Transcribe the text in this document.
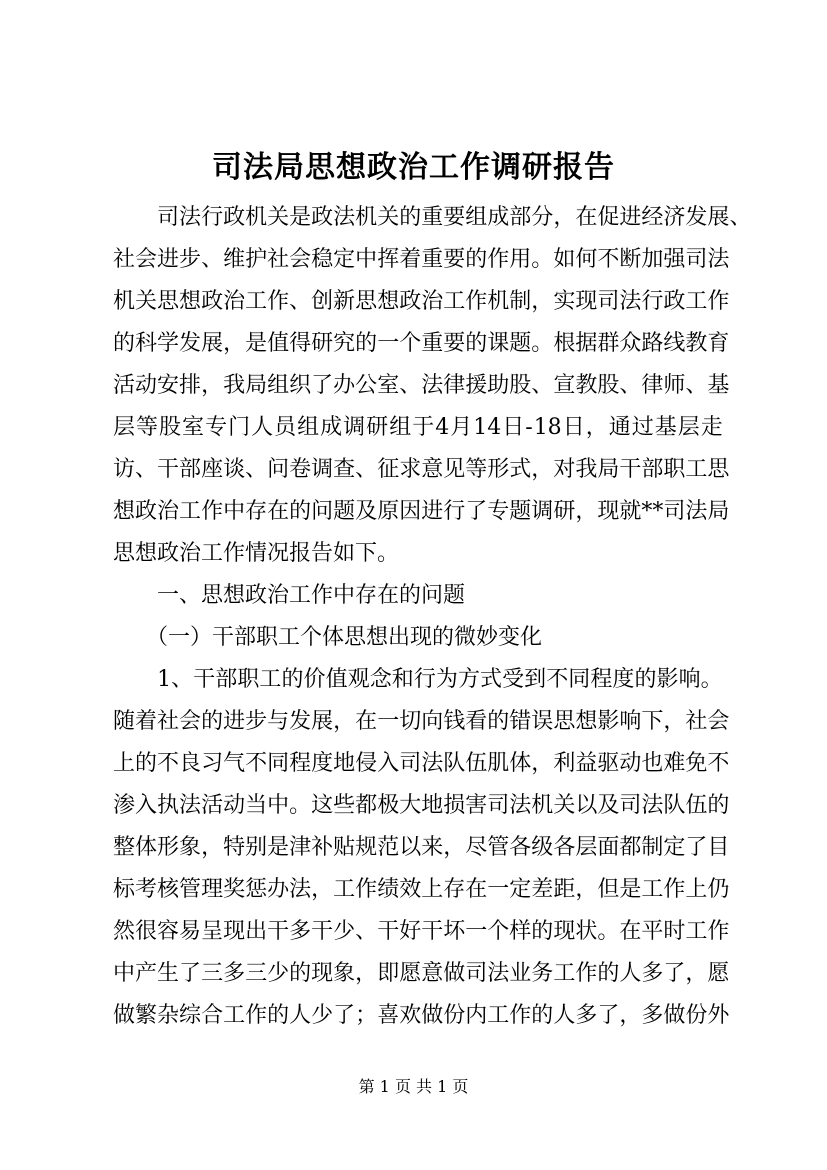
司法局思想政治工作调研报告

司 法 行 政 机 关 是 政 法 机 关 的 重 要 组 成 部 分 ， 在 促 进 经 济 发 展 、
社 会 进 步 、 维 护 社 会 稳 定 中 挥 着 重 要 的 作 用 。 如 何 不 断 加 强 司 法
机 关 思 想 政 治 工 作 、 创 新 思 想 政 治 工 作 机 制 ， 实 现 司 法 行 政 工 作
的 科 学 发 展 ， 是 值 得 研 究 的 一 个 重 要 的 课 题 。 根 据 群 众 路 线 教 育
活 动 安 排 ， 我 局 组 织 了 办 公 室 、 法 律 援 助 股 、 宣 教 股 、 律 师 、 基
层 等 股 室 专 门 人 员 组 成 调 研 组 于 4 月 14 日 - 18 日 ， 通 过 基 层 走
访 、 干 部 座 谈 、 问 卷 调 查 、 征 求 意 见 等 形 式 ， 对 我 局 干 部 职 工 思
想 政 治 工 作 中 存 在 的 问 题 及 原 因 进 行 了 专 题 调 研 ， 现 就 ** 司 法 局
思想政治工作情况报告如下。
　　一、思想政治工作中存在的问题
　　（一）干部职工个体思想出现的微妙变化

1 、 干 部 职 工 的 价 值 观 念 和 行 为 方 式 受 到 不 同 程 度 的 影 响 。
随 着 社 会 的 进 步 与 发 展 ， 在 一 切 向 钱 看 的 错 误 思 想 影 响 下 ， 社 会
上 的 不 良 习 气 不 同 程 度 地 侵 入 司 法 队 伍 肌 体 ， 利 益 驱 动 也 难 免 不
渗 入 执 法 活 动 当 中 。 这 些 都 极 大 地 损 害 司 法 机 关 以 及 司 法 队 伍 的
整 体 形 象 ， 特 别 是 津 补 贴 规 范 以 来 ， 尽 管 各 级 各 层 面 都 制 定 了 目
标 考 核 管 理 奖 惩 办 法 ， 工 作 绩 效 上 存 在 一 定 差 距 ， 但 是 工 作 上 仍
然 很 容 易 呈 现 出 干 多 干 少 、 干 好 干 坏 一 个 样 的 现 状 。 在 平 时 工 作
中 产 生 了 三 多 三 少 的 现 象 ， 即 愿 意 做 司 法 业 务 工 作 的 人 多 了 ， 愿
做 繁 杂 综 合 工 作 的 人 少 了 ； 喜 欢 做 份 内 工 作 的 人 多 了 ， 多 做 份 外
第 1 页 共 1 页
